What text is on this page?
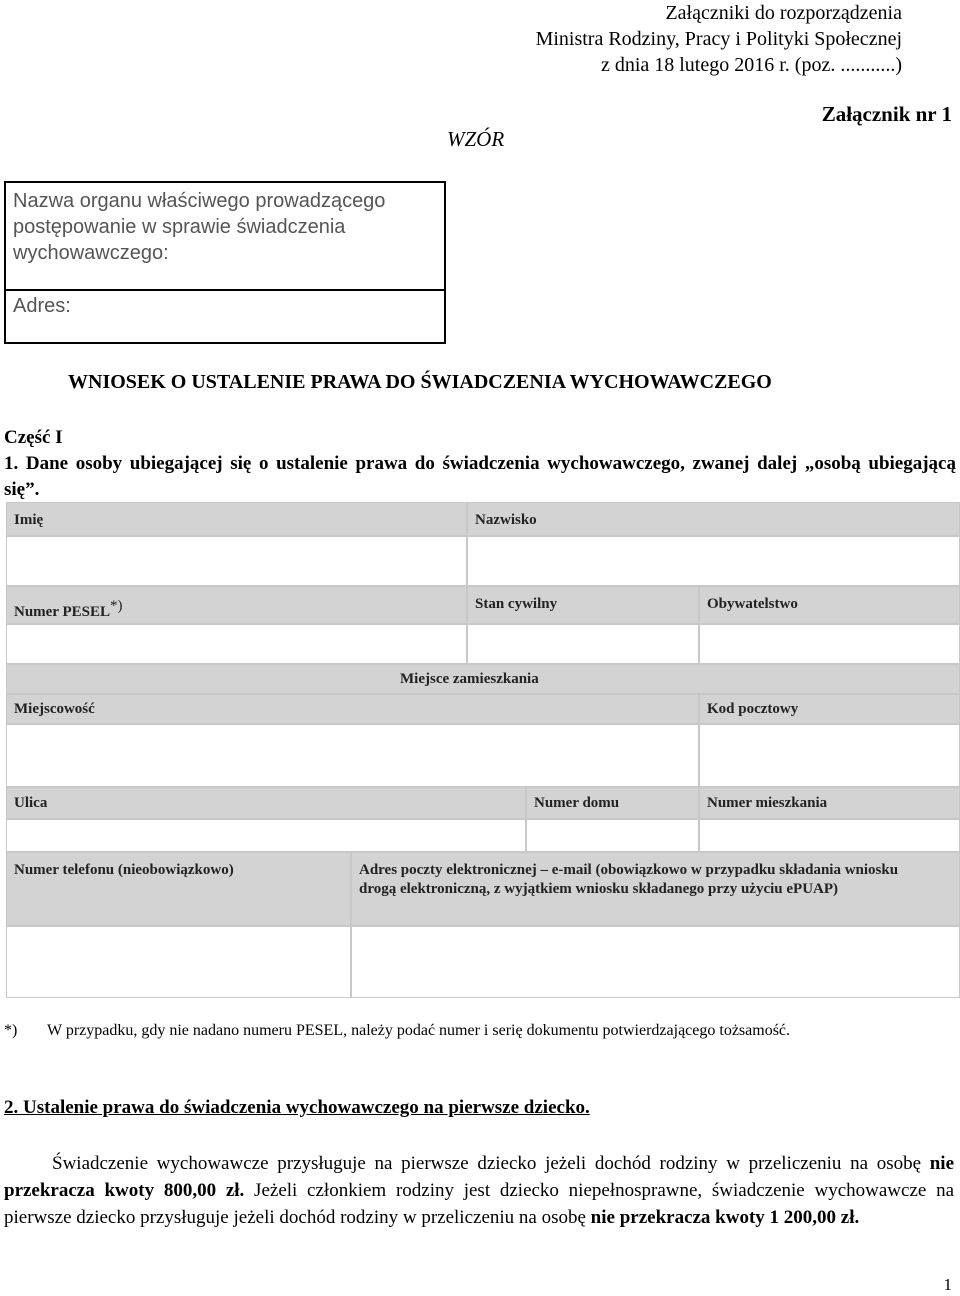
Załączniki do rozporządzenia
Ministra Rodziny, Pracy i Polityki Społecznej
z dnia 18 lutego 2016 r. (poz. ...........)
WZÓR
Załącznik nr 1
Nazwa organu właściwego prowadzącego postępowanie w sprawie świadczenia wychowawczego:
Adres:
WNIOSEK O USTALENIE PRAWA DO ŚWIADCZENIA WYCHOWAWCZEGO
Część I
1. Dane osoby ubiegającej się o ustalenie prawa do świadczenia wychowawczego, zwanej dalej „osobą ubiegającą się”.
Imię	Nazwisko
Numer PESEL*)	Stan cywilny	Obywatelstwo
Miejsce zamieszkania
Miejscowość	Kod pocztowy
Ulica	Numer domu	Numer mieszkania
Numer telefonu (nieobowiązkowo)	Adres poczty elektronicznej – e-mail (obowiązkowo w przypadku składania wniosku drogą elektroniczną, z wyjątkiem wniosku składanego przy użyciu ePUAP)
*) W przypadku, gdy nie nadano numeru PESEL, należy podać numer i serię dokumentu potwierdzającego tożsamość.
2. Ustalenie prawa do świadczenia wychowawczego na pierwsze dziecko.
Świadczenie wychowawcze przysługuje na pierwsze dziecko jeżeli dochód rodziny w przeliczeniu na osobę nie przekracza kwoty 800,00 zł. Jeżeli członkiem rodziny jest dziecko niepełnosprawne, świadczenie wychowawcze na pierwsze dziecko przysługuje jeżeli dochód rodziny w przeliczeniu na osobę nie przekracza kwoty 1 200,00 zł.
1
